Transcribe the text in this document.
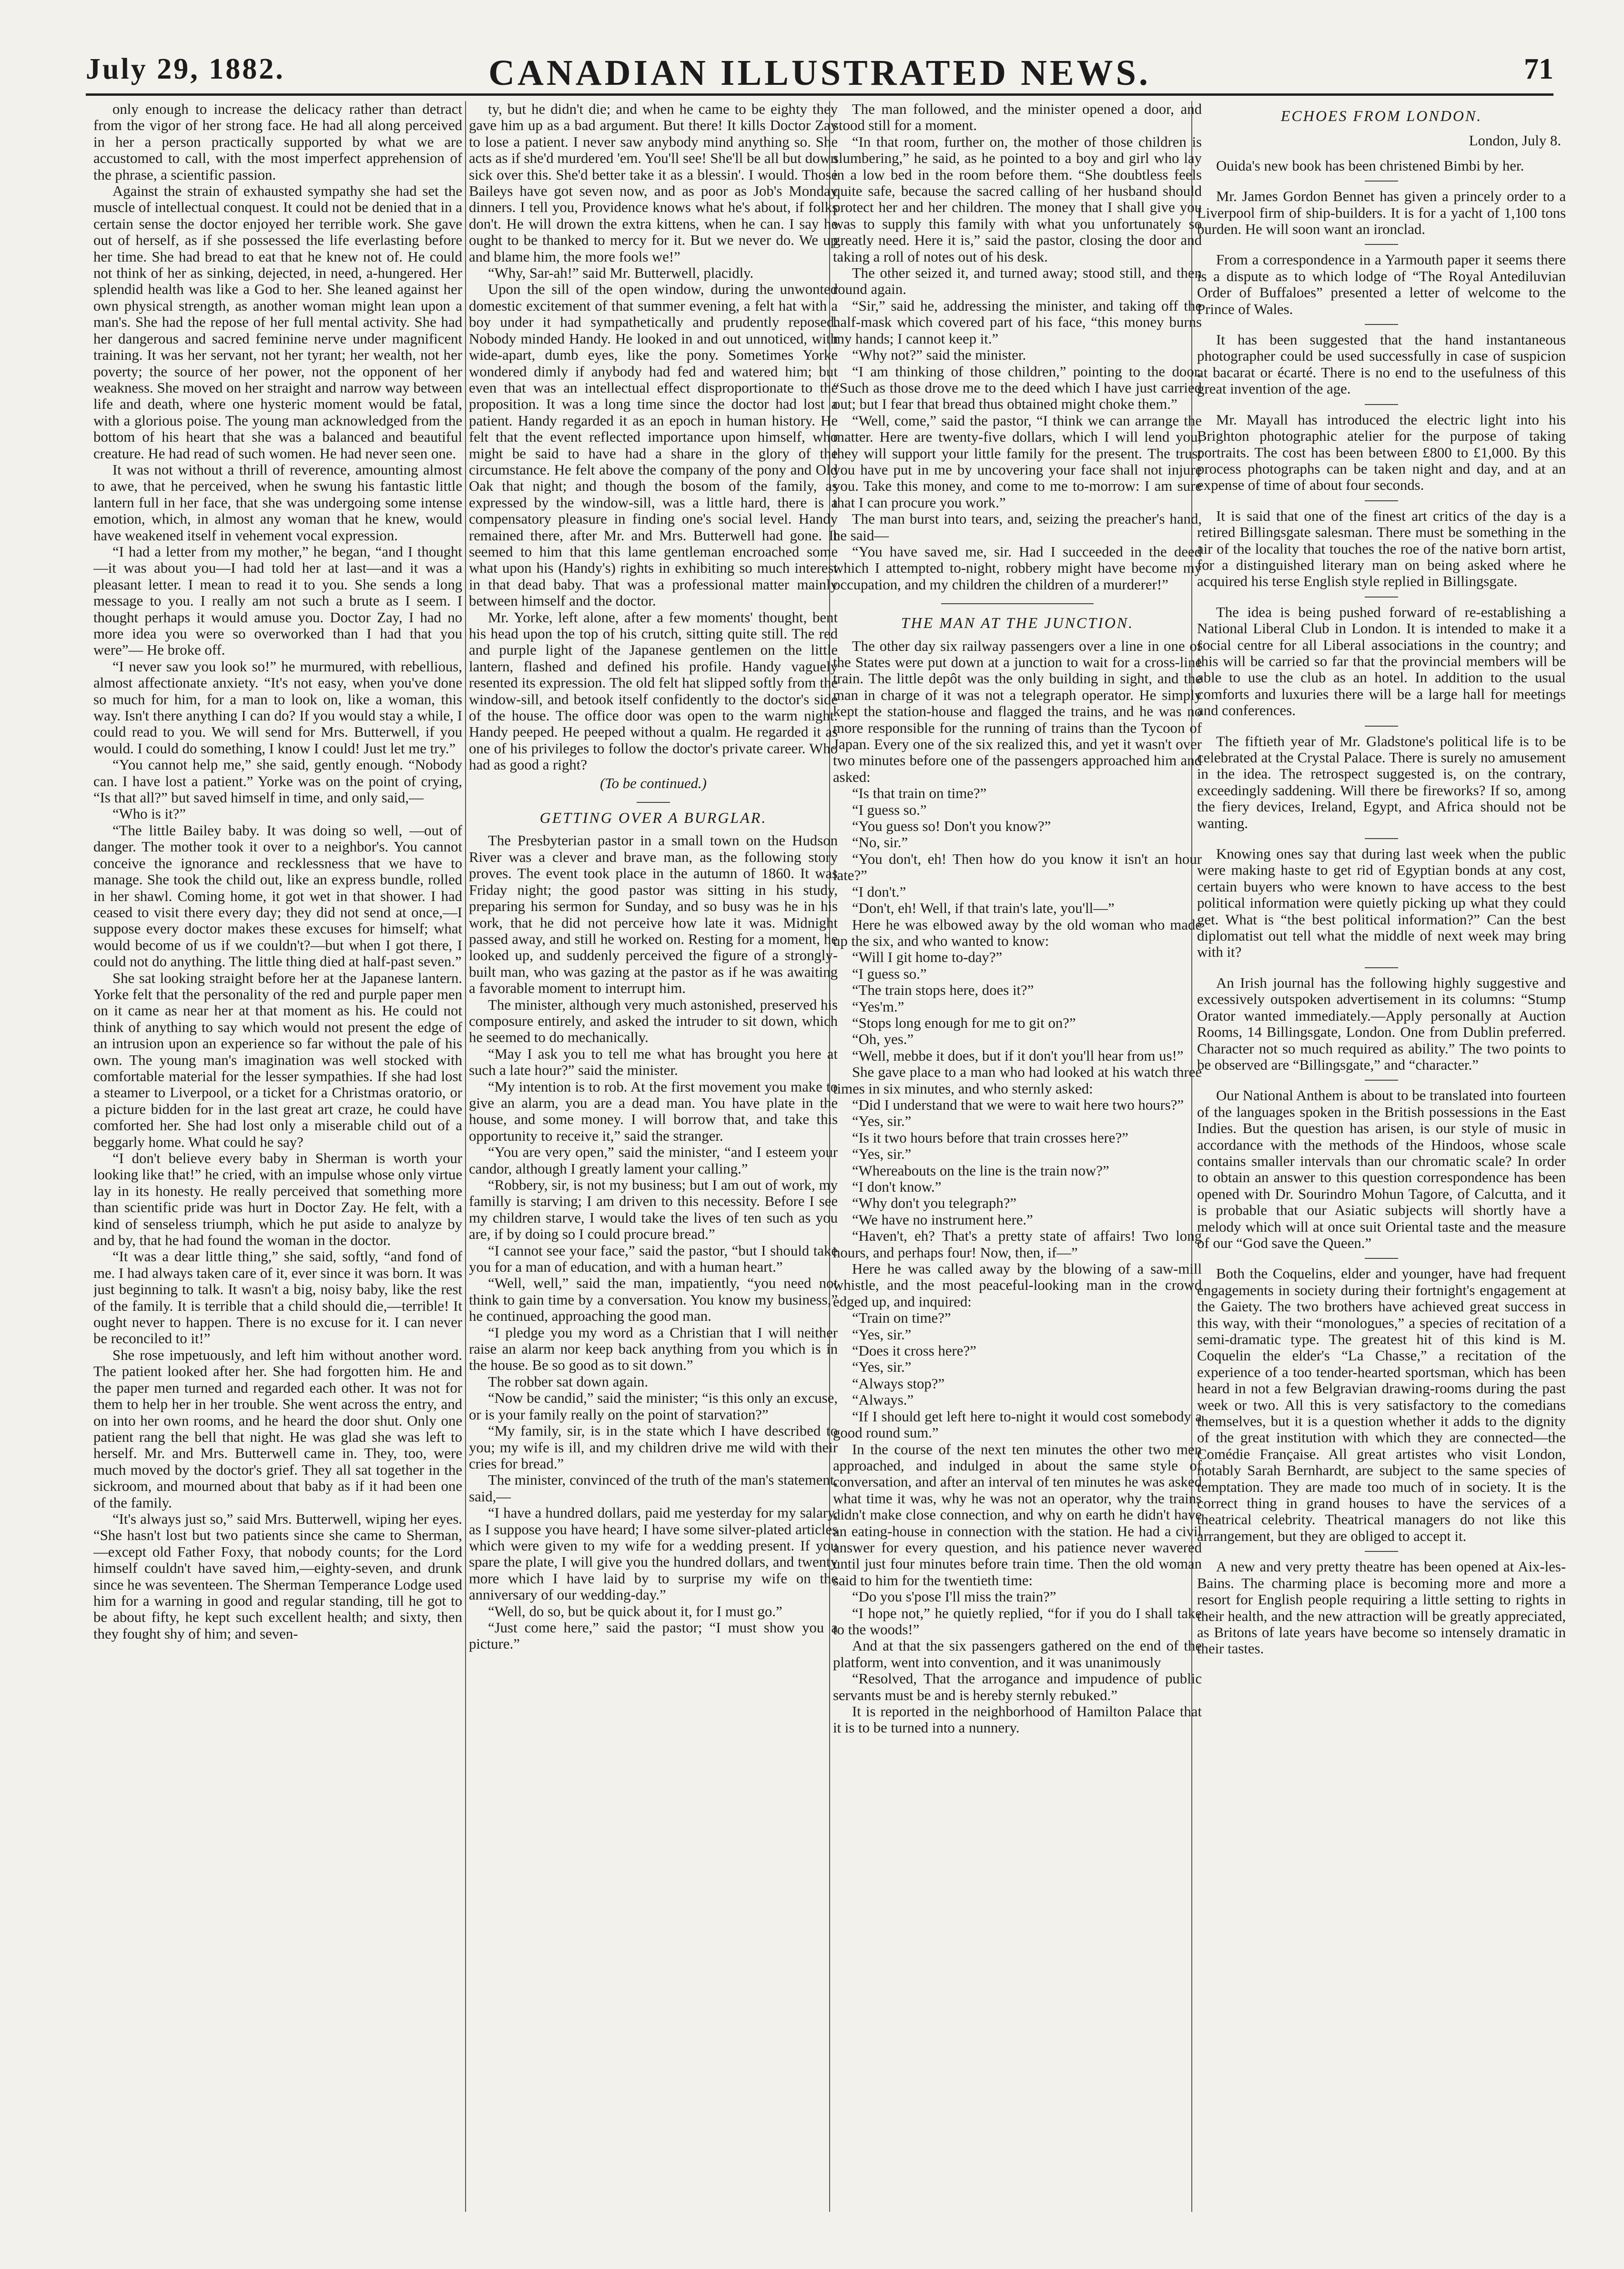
July 29, 1882.	CANADIAN ILLUSTRATED NEWS.	71

only enough to increase the delicacy rather than detract from the vigor of her strong face. He had all along perceived in her a person practically supported by what we are accustomed to call, with the most imperfect apprehension of the phrase, a scientific passion.

Against the strain of exhausted sympathy she had set the muscle of intellectual conquest. It could not be denied that in a certain sense the doctor enjoyed her terrible work. She gave out of herself, as if she possessed the life everlasting before her time. She had bread to eat that he knew not of. He could not think of her as sinking, dejected, in need, a-hungered. Her splendid health was like a God to her. She leaned against her own physical strength, as another woman might lean upon a man's. She had the repose of her full mental activity. She had her dangerous and sacred feminine nerve under magnificent training. It was her servant, not her tyrant; her wealth, not her poverty; the source of her power, not the opponent of her weakness. She moved on her straight and narrow way between life and death, where one hysteric moment would be fatal, with a glorious poise. The young man acknowledged from the bottom of his heart that she was a balanced and beautiful creature. He had read of such women. He had never seen one.

It was not without a thrill of reverence, amounting almost to awe, that he perceived, when he swung his fantastic little lantern full in her face, that she was undergoing some intense emotion, which, in almost any woman that he knew, would have weakened itself in vehement vocal expression.

“I had a letter from my mother,” he began, “and I thought—it was about you—I had told her at last—and it was a pleasant letter. I mean to read it to you. She sends a long message to you. I really am not such a brute as I seem. I thought perhaps it would amuse you. Doctor Zay, I had no more idea you were so overworked than I had that you were”— He broke off.

“I never saw you look so!” he murmured, with rebellious, almost affectionate anxiety. “It's not easy, when you've done so much for him, for a man to look on, like a woman, this way. Isn't there anything I can do? If you would stay a while, I could read to you. We will send for Mrs. Butterwell, if you would. I could do something, I know I could! Just let me try.”

“You cannot help me,” she said, gently enough. “Nobody can. I have lost a patient.” Yorke was on the point of crying, “Is that all?” but saved himself in time, and only said,—

“Who is it?”

“The little Bailey baby. It was doing so well, —out of danger. The mother took it over to a neighbor's. You cannot conceive the ignorance and recklessness that we have to manage. She took the child out, like an express bundle, rolled in her shawl. Coming home, it got wet in that shower. I had ceased to visit there every day; they did not send at once,—I suppose every doctor makes these excuses for himself; what would become of us if we couldn't?—but when I got there, I could not do anything. The little thing died at half-past seven.”

She sat looking straight before her at the Japanese lantern. Yorke felt that the personality of the red and purple paper men on it came as near her at that moment as his. He could not think of anything to say which would not present the edge of an intrusion upon an experience so far without the pale of his own. The young man's imagination was well stocked with comfortable material for the lesser sympathies. If she had lost a steamer to Liverpool, or a ticket for a Christmas oratorio, or a picture bidden for in the last great art craze, he could have comforted her. She had lost only a miserable child out of a beggarly home. What could he say?

“I don't believe every baby in Sherman is worth your looking like that!” he cried, with an impulse whose only virtue lay in its honesty. He really perceived that something more than scientific pride was hurt in Doctor Zay. He felt, with a kind of senseless triumph, which he put aside to analyze by and by, that he had found the woman in the doctor.

“It was a dear little thing,” she said, softly, “and fond of me. I had always taken care of it, ever since it was born. It was just beginning to talk. It wasn't a big, noisy baby, like the rest of the family. It is terrible that a child should die,—terrible! It ought never to happen. There is no excuse for it. I can never be reconciled to it!”

She rose impetuously, and left him without another word. The patient looked after her. She had forgotten him. He and the paper men turned and regarded each other. It was not for them to help her in her trouble. She went across the entry, and on into her own rooms, and he heard the door shut. Only one patient rang the bell that night. He was glad she was left to herself. Mr. and Mrs. Butterwell came in. They, too, were much moved by the doctor's grief. They all sat together in the sickroom, and mourned about that baby as if it had been one of the family.

“It's always just so,” said Mrs. Butterwell, wiping her eyes. “She hasn't lost but two patients since she came to Sherman,—except old Father Foxy, that nobody counts; for the Lord himself couldn't have saved him,—eighty-seven, and drunk since he was seventeen. The Sherman Temperance Lodge used him for a warning in good and regular standing, till he got to be about fifty, he kept such excellent health; and sixty, then they fought shy of him; and seven-

ty, but he didn't die; and when he came to be eighty they gave him up as a bad argument. But there! It kills Doctor Zay to lose a patient. I never saw anybody mind anything so. She acts as if she'd murdered 'em. You'll see! She'll be all but down sick over this. She'd better take it as a blessin'. I would. Those Baileys have got seven now, and as poor as Job's Monday dinners. I tell you, Providence knows what he's about, if folks don't. He will drown the extra kittens, when he can. I say he ought to be thanked to mercy for it. But we never do. We up and blame him, the more fools we!”

“Why, Sar-ah!” said Mr. Butterwell, placidly.

Upon the sill of the open window, during the unwonted domestic excitement of that summer evening, a felt hat with a boy under it had sympathetically and prudently reposed. Nobody minded Handy. He looked in and out unnoticed, with wide-apart, dumb eyes, like the pony. Sometimes Yorke wondered dimly if anybody had fed and watered him; but even that was an intellectual effect disproportionate to the proposition. It was a long time since the doctor had lost a patient. Handy regarded it as an epoch in human history. He felt that the event reflected importance upon himself, who might be said to have had a share in the glory of the circumstance. He felt above the company of the pony and Old Oak that night; and though the bosom of the family, as expressed by the window-sill, was a little hard, there is a compensatory pleasure in finding one's social level. Handy remained there, after Mr. and Mrs. Butterwell had gone. It seemed to him that this lame gentleman encroached some what upon his (Handy's) rights in exhibiting so much interest in that dead baby. That was a professional matter mainly between himself and the doctor.

Mr. Yorke, left alone, after a few moments' thought, bent his head upon the top of his crutch, sitting quite still. The red and purple light of the Japanese gentlemen on the little lantern, flashed and defined his profile. Handy vaguely resented its expression. The old felt hat slipped softly from the window-sill, and betook itself confidently to the doctor's side of the house. The office door was open to the warm night. Handy peeped. He peeped without a qualm. He regarded it as one of his privileges to follow the doctor's private career. Who had as good a right?

(To be continued.)
GETTING OVER A BURGLAR.

The Presbyterian pastor in a small town on the Hudson River was a clever and brave man, as the following story proves. The event took place in the autumn of 1860. It was Friday night; the good pastor was sitting in his study, preparing his sermon for Sunday, and so busy was he in his work, that he did not perceive how late it was. Midnight passed away, and still he worked on. Resting for a moment, he looked up, and suddenly perceived the figure of a strongly-built man, who was gazing at the pastor as if he was awaiting a favorable moment to interrupt him.

The minister, although very much astonished, preserved his composure entirely, and asked the intruder to sit down, which he seemed to do mechanically.

“May I ask you to tell me what has brought you here at such a late hour?” said the minister.

“My intention is to rob. At the first movement you make to give an alarm, you are a dead man. You have plate in the house, and some money. I will borrow that, and take this opportunity to receive it,” said the stranger.

“You are very open,” said the minister, “and I esteem your candor, although I greatly lament your calling.”

“Robbery, sir, is not my business; but I am out of work, my familly is starving; I am driven to this necessity. Before I see my children starve, I would take the lives of ten such as you are, if by doing so I could procure bread.”

“I cannot see your face,” said the pastor, “but I should take you for a man of education, and with a human heart.”

“Well, well,” said the man, impatiently, “you need not think to gain time by a conversation. You know my business,” he continued, approaching the good man.

“I pledge you my word as a Christian that I will neither raise an alarm nor keep back anything from you which is in the house. Be so good as to sit down.”

The robber sat down again.

“Now be candid,” said the minister; “is this only an excuse, or is your family really on the point of starvation?”

“My family, sir, is in the state which I have described to you; my wife is ill, and my children drive me wild with their cries for bread.”

The minister, convinced of the truth of the man's statement, said,—

“I have a hundred dollars, paid me yesterday for my salary, as I suppose you have heard; I have some silver-plated articles which were given to my wife for a wedding present. If you spare the plate, I will give you the hundred dollars, and twenty more which I have laid by to surprise my wife on the anniversary of our wedding-day.”

“Well, do so, but be quick about it, for I must go.”

“Just come here,” said the pastor; “I must show you a picture.”

The man followed, and the minister opened a door, and stood still for a moment.

“In that room, further on, the mother of those children is slumbering,” he said, as he pointed to a boy and girl who lay in a low bed in the room before them. “She doubtless feels quite safe, because the sacred calling of her husband should protect her and her children. The money that I shall give you was to supply this family with what you unfortunately so greatly need. Here it is,” said the pastor, closing the door and taking a roll of notes out of his desk.

The other seized it, and turned away; stood still, and then round again.

“Sir,” said he, addressing the minister, and taking off the half-mask which covered part of his face, “this money burns my hands; I cannot keep it.”

“Why not?” said the minister.

“I am thinking of those children,” pointing to the door. “Such as those drove me to the deed which I have just carried out; but I fear that bread thus obtained might choke them.”

“Well, come,” said the pastor, “I think we can arrange the matter. Here are twenty-five dollars, which I will lend you; they will support your little family for the present. The trust you have put in me by uncovering your face shall not injure you. Take this money, and come to me to-morrow: I am sure that I can procure you work.”

The man burst into tears, and, seizing the preacher's hand, he said—

“You have saved me, sir. Had I succeeded in the deed which I attempted to-night, robbery might have become my occupation, and my children the children of a murderer!”

THE MAN AT THE JUNCTION.

The other day six railway passengers over a line in one of the States were put down at a junction to wait for a cross-line train. The little depôt was the only building in sight, and the man in charge of it was not a telegraph operator. He simply kept the station-house and flagged the trains, and he was no more responsible for the running of trains than the Tycoon of Japan. Every one of the six realized this, and yet it wasn't over two minutes before one of the passengers approached him and asked:

“Is that train on time?”

“I guess so.”

“You guess so! Don't you know?”

“No, sir.”

“You don't, eh! Then how do you know it isn't an hour late?”

“I don't.”

“Don't, eh! Well, if that train's late, you'll—”

Here he was elbowed away by the old woman who made up the six, and who wanted to know:

“Will I git home to-day?”

“I guess so.”

“The train stops here, does it?”

“Yes'm.”

“Stops long enough for me to git on?”

“Oh, yes.”

“Well, mebbe it does, but if it don't you'll hear from us!”

She gave place to a man who had looked at his watch three times in six minutes, and who sternly asked:

“Did I understand that we were to wait here two hours?”

“Yes, sir.”

“Is it two hours before that train crosses here?”

“Yes, sir.”

“Whereabouts on the line is the train now?”

“I don't know.”

“Why don't you telegraph?”

“We have no instrument here.”

“Haven't, eh? That's a pretty state of affairs! Two long hours, and perhaps four! Now, then, if—”

Here he was called away by the blowing of a saw-mill whistle, and the most peaceful-looking man in the crowd edged up, and inquired:

“Train on time?”

“Yes, sir.”

“Does it cross here?”

“Yes, sir.”

“Always stop?”

“Always.”

“If I should get left here to-night it would cost somebody a good round sum.”

In the course of the next ten minutes the other two men approached, and indulged in about the same style of conversation, and after an interval of ten minutes he was asked what time it was, why he was not an operator, why the trains didn't make close connection, and why on earth he didn't have an eating-house in connection with the station. He had a civil answer for every question, and his patience never wavered until just four minutes before train time. Then the old woman said to him for the twentieth time:

“Do you s'pose I'll miss the train?”

“I hope not,” he quietly replied, “for if you do I shall take to the woods!”

And at that the six passengers gathered on the end of the platform, went into convention, and it was unanimously

“Resolved, That the arrogance and impudence of public servants must be and is hereby sternly rebuked.”

It is reported in the neighborhood of Hamilton Palace that it is to be turned into a nunnery.

ECHOES FROM LONDON.
London, July 8.

Ouida's new book has been christened Bimbi by her.

Mr. James Gordon Bennet has given a princely order to a Liverpool firm of ship-builders. It is for a yacht of 1,100 tons burden. He will soon want an ironclad.

From a correspondence in a Yarmouth paper it seems there is a dispute as to which lodge of “The Royal Antediluvian Order of Buffaloes” presented a letter of welcome to the Prince of Wales.

It has been suggested that the hand instantaneous photographer could be used successfully in case of suspicion at bacarat or écarté. There is no end to the usefulness of this great invention of the age.

Mr. Mayall has introduced the electric light into his Brighton photographic atelier for the purpose of taking portraits. The cost has been between £800 to £1,000. By this process photographs can be taken night and day, and at an expense of time of about four seconds.

It is said that one of the finest art critics of the day is a retired Billingsgate salesman. There must be something in the air of the locality that touches the roe of the native born artist, for a distinguished literary man on being asked where he acquired his terse English style replied in Billingsgate.

The idea is being pushed forward of re-establishing a National Liberal Club in London. It is intended to make it a social centre for all Liberal associations in the country; and this will be carried so far that the provincial members will be able to use the club as an hotel. In addition to the usual comforts and luxuries there will be a large hall for meetings and conferences.

The fiftieth year of Mr. Gladstone's political life is to be celebrated at the Crystal Palace. There is surely no amusement in the idea. The retrospect suggested is, on the contrary, exceedingly saddening. Will there be fireworks? If so, among the fiery devices, Ireland, Egypt, and Africa should not be wanting.

Knowing ones say that during last week when the public were making haste to get rid of Egyptian bonds at any cost, certain buyers who were known to have access to the best political information were quietly picking up what they could get. What is “the best political information?” Can the best diplomatist out tell what the middle of next week may bring with it?

An Irish journal has the following highly suggestive and excessively outspoken advertisement in its columns: “Stump Orator wanted immediately.—Apply personally at Auction Rooms, 14 Billingsgate, London. One from Dublin preferred. Character not so much required as ability.” The two points to be observed are “Billingsgate,” and “character.”

Our National Anthem is about to be translated into fourteen of the languages spoken in the British possessions in the East Indies. But the question has arisen, is our style of music in accordance with the methods of the Hindoos, whose scale contains smaller intervals than our chromatic scale? In order to obtain an answer to this question correspondence has been opened with Dr. Sourindro Mohun Tagore, of Calcutta, and it is probable that our Asiatic subjects will shortly have a melody which will at once suit Oriental taste and the measure of our “God save the Queen.”

Both the Coquelins, elder and younger, have had frequent engagements in society during their fortnight's engagement at the Gaiety. The two brothers have achieved great success in this way, with their “monologues,” a species of recitation of a semi-dramatic type. The greatest hit of this kind is M. Coquelin the elder's “La Chasse,” a recitation of the experience of a too tender-hearted sportsman, which has been heard in not a few Belgravian drawing-rooms during the past week or two. All this is very satisfactory to the comedians themselves, but it is a question whether it adds to the dignity of the great institution with which they are connected—the Comédie Française. All great artistes who visit London, notably Sarah Bernhardt, are subject to the same species of temptation. They are made too much of in society. It is the correct thing in grand houses to have the services of a theatrical celebrity. Theatrical managers do not like this arrangement, but they are obliged to accept it.

A new and very pretty theatre has been opened at Aix-les-Bains. The charming place is becoming more and more a resort for English people requiring a little setting to rights in their health, and the new attraction will be greatly appreciated, as Britons of late years have become so intensely dramatic in their tastes.
